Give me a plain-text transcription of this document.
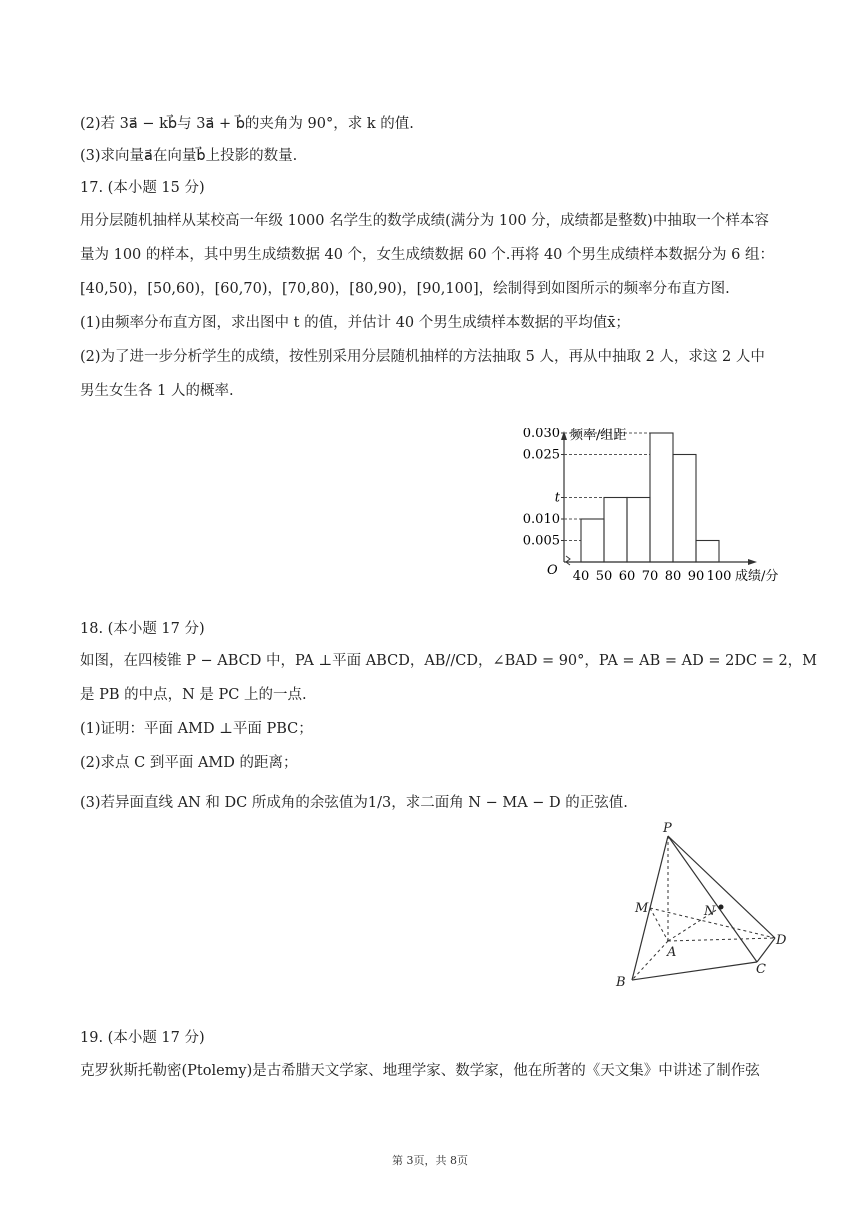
(2)若 3a⃗ − kb⃗与 3a⃗ + b⃗的夹角为 90°，求 k 的值.
(3)求向量a⃗在向量b⃗上投影的数量.
17. (本小题 15 分)
用分层随机抽样从某校高一年级 1000 名学生的数学成绩(满分为 100 分，成绩都是整数)中抽取一个样本容
量为 100 的样本，其中男生成绩数据 40 个，女生成绩数据 60 个.再将 40 个男生成绩样本数据分为 6 组：
[40,50)，[50,60)，[60,70)，[70,80)，[80,90)，[90,100]，绘制得到如图所示的频率分布直方图.
(1)由频率分布直方图，求出图中 t 的值，并估计 40 个男生成绩样本数据的平均值x̄；
(2)为了进一步分析学生的成绩，按性别采用分层随机抽样的方法抽取 5 人，再从中抽取 2 人，求这 2 人中
男生女生各 1 人的概率.
频率/组距
成绩/分
O
0.030
0.025
t
0.010
0.005
40 50 60 70 80 90 100
18. (本小题 17 分)
如图，在四棱锥 P − ABCD 中，PA ⊥平面 ABCD，AB//CD，∠BAD = 90°，PA = AB = AD = 2DC = 2，M
是 PB 的中点，N 是 PC 上的一点.
(1)证明：平面 AMD ⊥平面 PBC；
(2)求点 C 到平面 AMD 的距离；
(3)若异面直线 AN 和 DC 所成角的余弦值为1/3，求二面角 N − MA − D 的正弦值.
P
M	N
A
D
B
C
19. (本小题 17 分)
克罗狄斯托勒密(Ptolemy)是古希腊天文学家、地理学家、数学家，他在所著的《天文集》中讲述了制作弦
第 3页，共 8页
